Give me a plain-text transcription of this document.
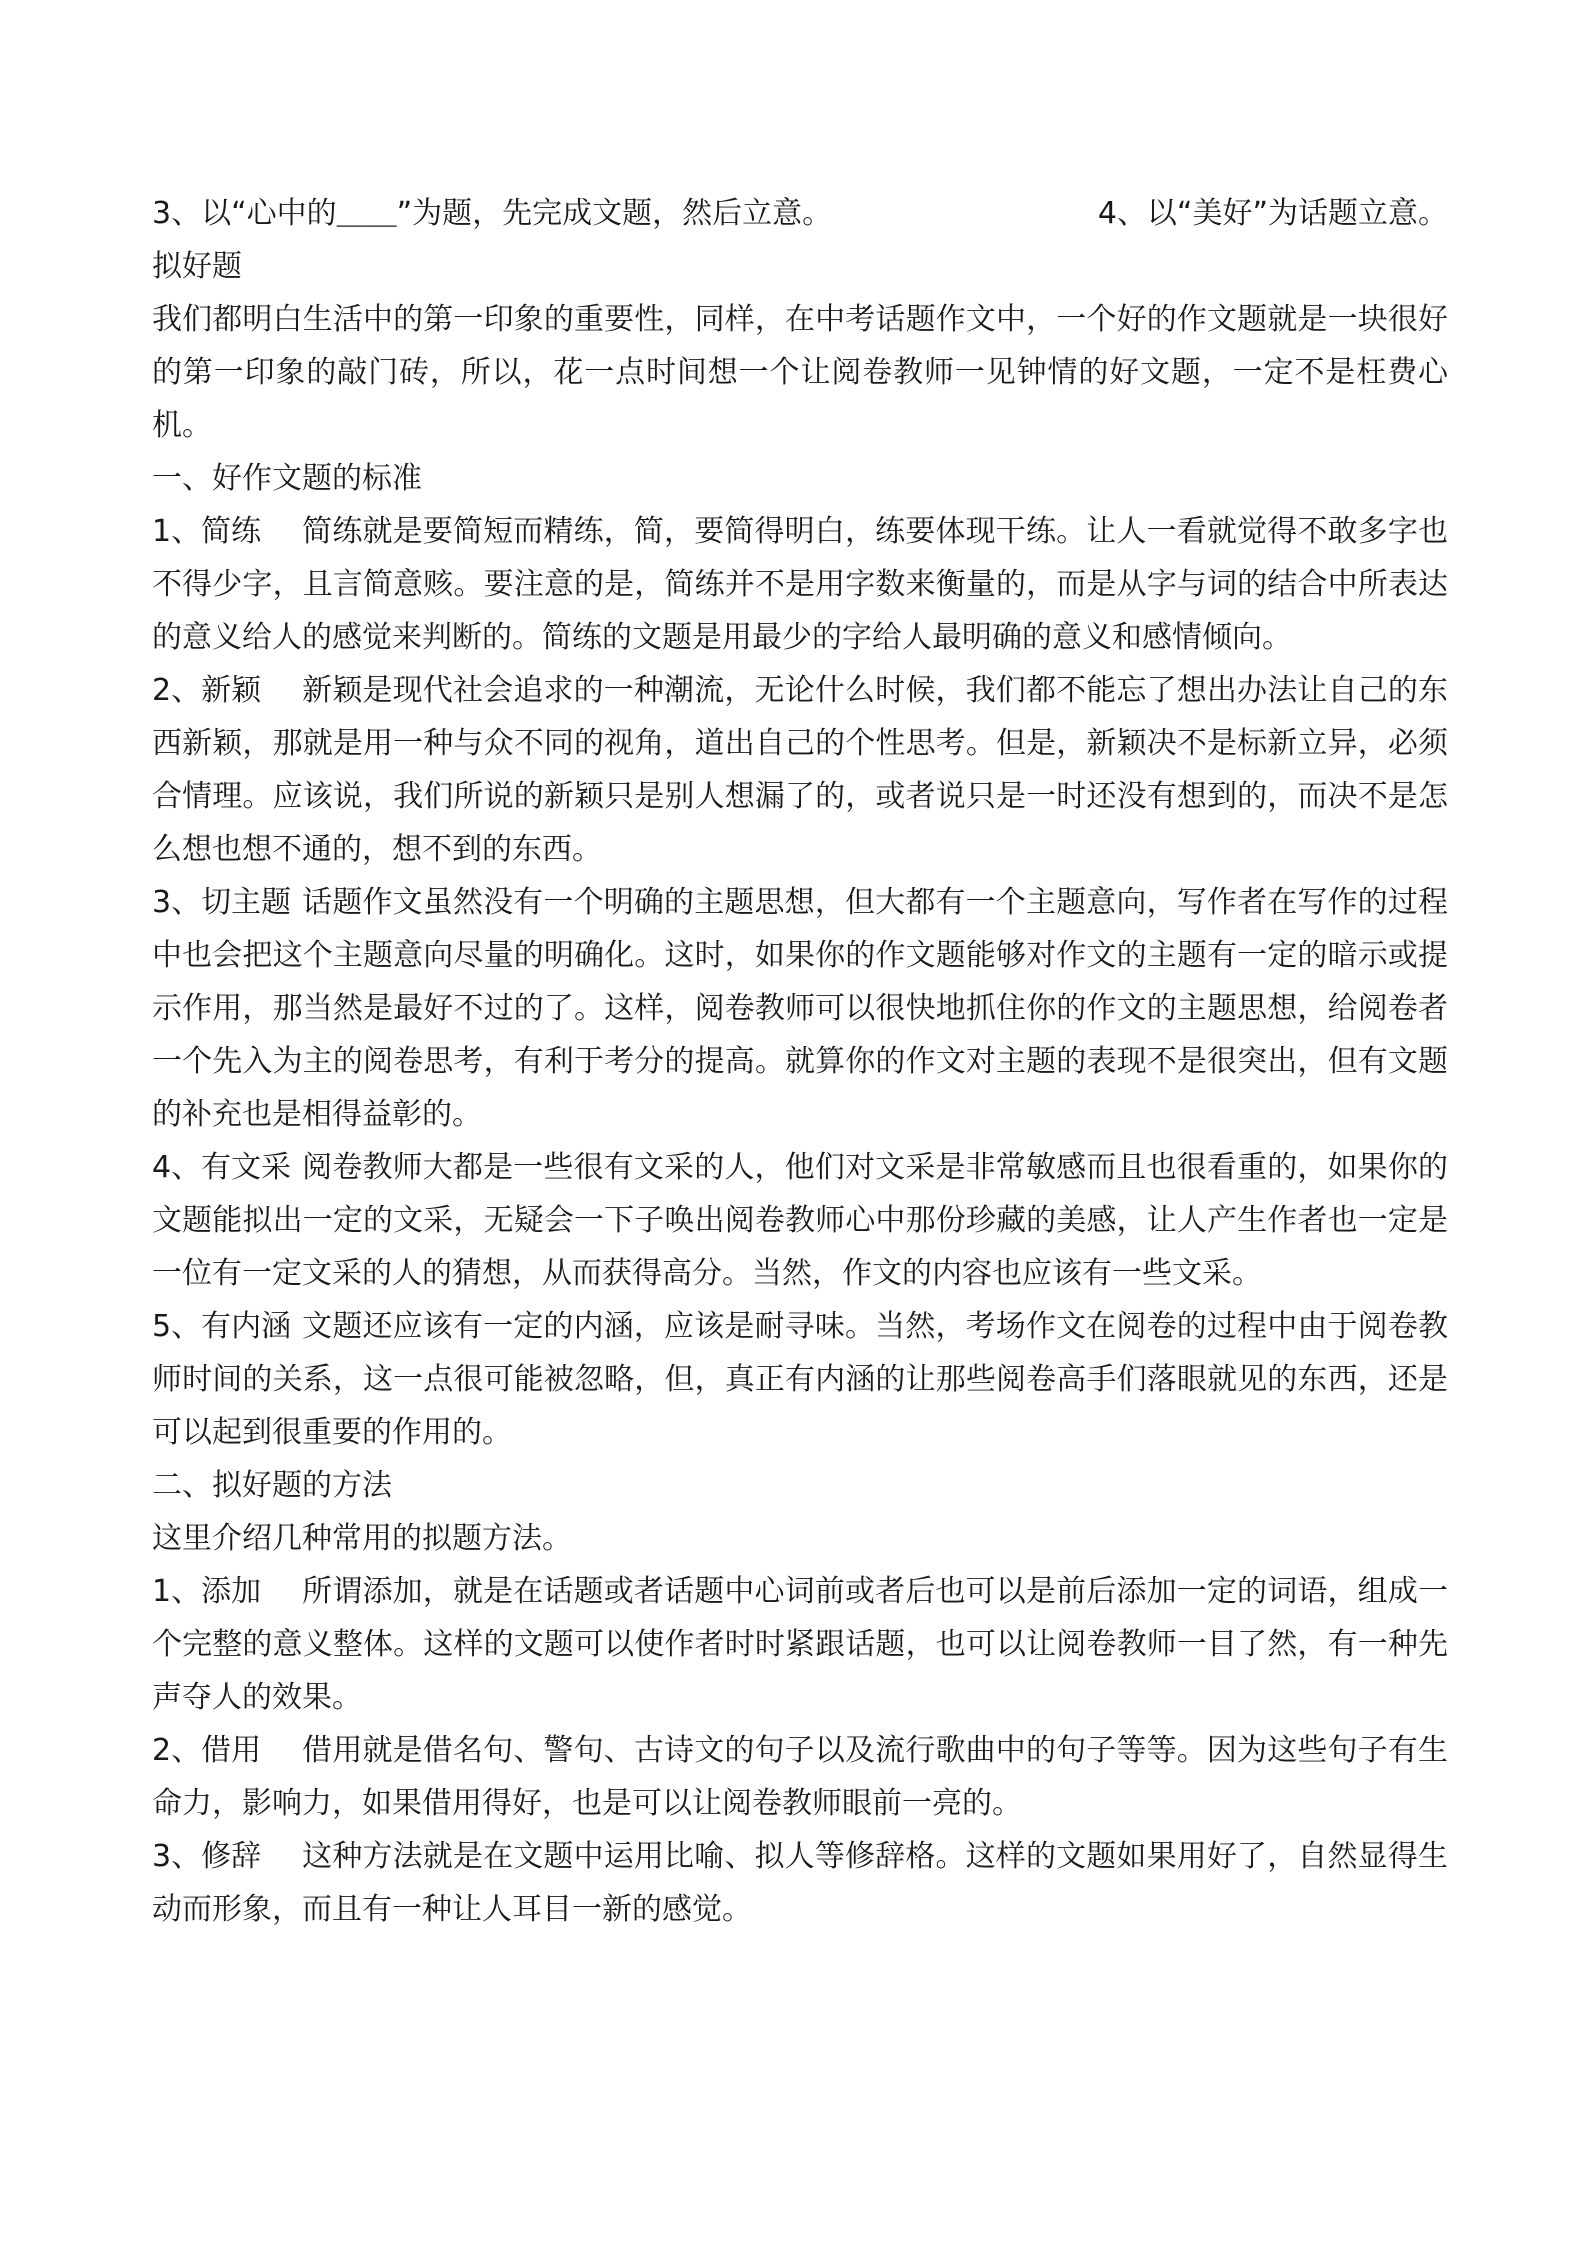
3、以“心中的＿＿”为题，先完成文题，然后立意。	4、以“美好”为话题立意。

拟好题

我们都明白生活中的第一印象的重要性，同样，在中考话题作文中，一个好的作文题就是一块很好的第一印象的敲门砖，所以，花一点时间想一个让阅卷教师一见钟情的好文题，一定不是枉费心机。

一、好作文题的标准

1、简练 简练就是要简短而精练，简，要简得明白，练要体现干练。让人一看就觉得不敢多字也不得少字，且言简意赅。要注意的是，简练并不是用字数来衡量的，而是从字与词的结合中所表达的意义给人的感觉来判断的。简练的文题是用最少的字给人最明确的意义和感情倾向。

2、新颖 新颖是现代社会追求的一种潮流，无论什么时候，我们都不能忘了想出办法让自己的东西新颖，那就是用一种与众不同的视角，道出自己的个性思考。但是，新颖决不是标新立异，必须合情理。应该说，我们所说的新颖只是别人想漏了的，或者说只是一时还没有想到的，而决不是怎么想也想不通的，想不到的东西。

3、切主题 话题作文虽然没有一个明确的主题思想，但大都有一个主题意向，写作者在写作的过程中也会把这个主题意向尽量的明确化。这时，如果你的作文题能够对作文的主题有一定的暗示或提示作用，那当然是最好不过的了。这样，阅卷教师可以很快地抓住你的作文的主题思想，给阅卷者一个先入为主的阅卷思考，有利于考分的提高。就算你的作文对主题的表现不是很突出，但有文题的补充也是相得益彰的。

4、有文采 阅卷教师大都是一些很有文采的人，他们对文采是非常敏感而且也很看重的，如果你的文题能拟出一定的文采，无疑会一下子唤出阅卷教师心中那份珍藏的美感，让人产生作者也一定是一位有一定文采的人的猜想，从而获得高分。当然，作文的内容也应该有一些文采。

5、有内涵 文题还应该有一定的内涵，应该是耐寻味。当然，考场作文在阅卷的过程中由于阅卷教师时间的关系，这一点很可能被忽略，但，真正有内涵的让那些阅卷高手们落眼就见的东西，还是可以起到很重要的作用的。

二、拟好题的方法

这里介绍几种常用的拟题方法。

1、添加 所谓添加，就是在话题或者话题中心词前或者后也可以是前后添加一定的词语，组成一个完整的意义整体。这样的文题可以使作者时时紧跟话题，也可以让阅卷教师一目了然，有一种先声夺人的效果。

2、借用 借用就是借名句、警句、古诗文的句子以及流行歌曲中的句子等等。因为这些句子有生命力，影响力，如果借用得好，也是可以让阅卷教师眼前一亮的。

3、修辞 这种方法就是在文题中运用比喻、拟人等修辞格。这样的文题如果用好了，自然显得生动而形象，而且有一种让人耳目一新的感觉。
